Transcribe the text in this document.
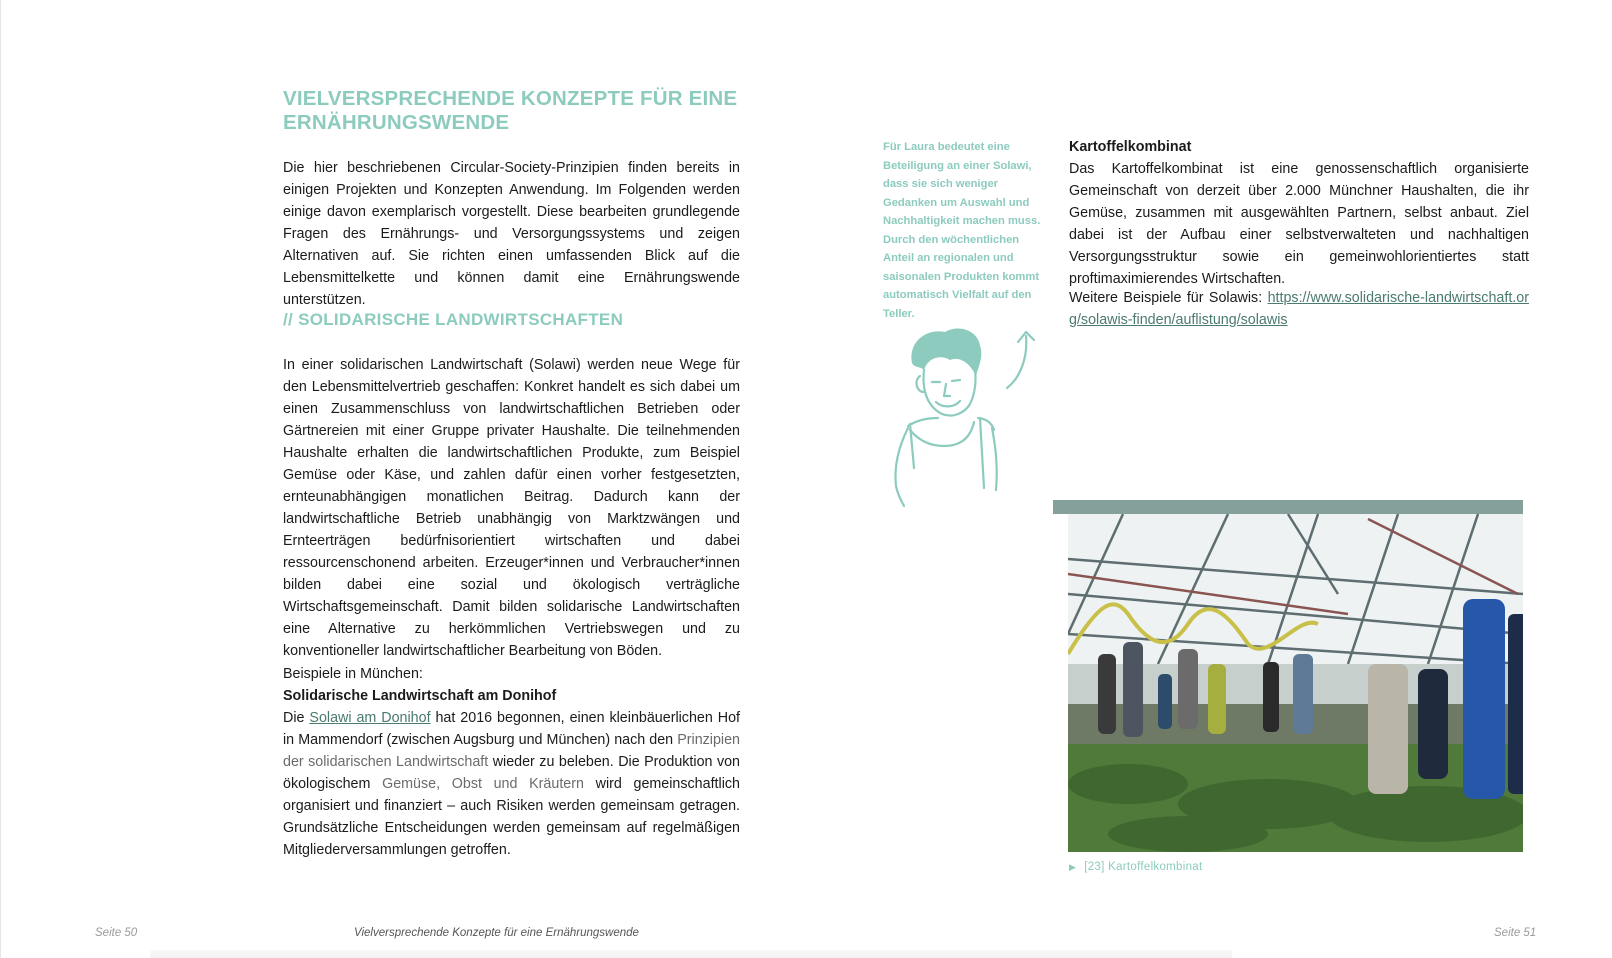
VIELVERSPRECHENDE KONZEPTE FÜR EINE ERNÄHRUNGSWENDE

Die hier beschriebenen Circular-Society-Prinzipien finden bereits in einigen Projekten und Konzepten Anwendung. Im Folgenden werden einige davon exemplarisch vorgestellt. Diese bearbeiten grundlegende Fragen des Ernährungs- und Versorgungssystems und zeigen Alternativen auf. Sie richten einen umfassenden Blick auf die Lebensmittelkette und können damit eine Ernährungswende unterstützen.

// SOLIDARISCHE LANDWIRTSCHAFTEN

In einer solidarischen Landwirtschaft (Solawi) werden neue Wege für den Lebensmittelvertrieb geschaffen: Konkret handelt es sich dabei um einen Zusammenschluss von landwirtschaftlichen Betrieben oder Gärtnereien mit einer Gruppe privater Haushalte. Die teilnehmenden Haushalte erhalten die landwirtschaftlichen Produkte, zum Beispiel Gemüse oder Käse, und zahlen dafür einen vorher festgesetzten, ernteunabhängigen monatlichen Beitrag. Dadurch kann der landwirtschaftliche Betrieb unabhängig von Marktzwängen und Ernteerträgen bedürfnisorientiert wirtschaften und dabei ressourcenschonend arbeiten. Erzeuger*innen und Verbraucher*innen bilden dabei eine sozial und ökologisch verträgliche Wirtschaftsgemeinschaft. Damit bilden solidarische Landwirtschaften eine Alternative zu herkömmlichen Vertriebswegen und zu konventioneller landwirtschaftlicher Bearbeitung von Böden.

Beispiele in München:
Solidarische Landwirtschaft am Donihof
Die Solawi am Donihof hat 2016 begonnen, einen kleinbäuerlichen Hof in Mammendorf (zwischen Augsburg und München) nach den Prinzipien der solidarischen Landwirtschaft wieder zu beleben. Die Produktion von ökologischem Gemüse, Obst und Kräutern wird gemeinschaftlich organisiert und finanziert – auch Risiken werden gemeinsam getragen. Grundsätzliche Entscheidungen werden gemeinsam auf regelmäßigen Mitgliederversammlungen getroffen.
Seite 50	Vielversprechende Konzepte für eine Ernährungswende
Für Laura bedeutet eine Beteiligung an einer Solawi, dass sie sich weniger Gedanken um Auswahl und Nachhaltigkeit machen muss. Durch den wöchentlichen Anteil an regionalen und saisonalen Produkten kommt automatisch Vielfalt auf den Teller.
Kartoffelkombinat

Das Kartoffelkombinat ist eine genossenschaftlich organisierte Gemeinschaft von derzeit über 2.000 Münchner Haushalten, die ihr Gemüse, zusammen mit ausgewählten Partnern, selbst anbaut. Ziel dabei ist der Aufbau einer selbstverwalteten und nachhaltigen Versorgungsstruktur sowie ein gemeinwohlorientiertes statt proftimaximierendes Wirtschaften.

Weitere Beispiele für Solawis: https://www.solidarische-landwirtschaft.org/solawis-finden/auflistung/solawis

▶ [23] Kartoffelkombinat
Seite 51
